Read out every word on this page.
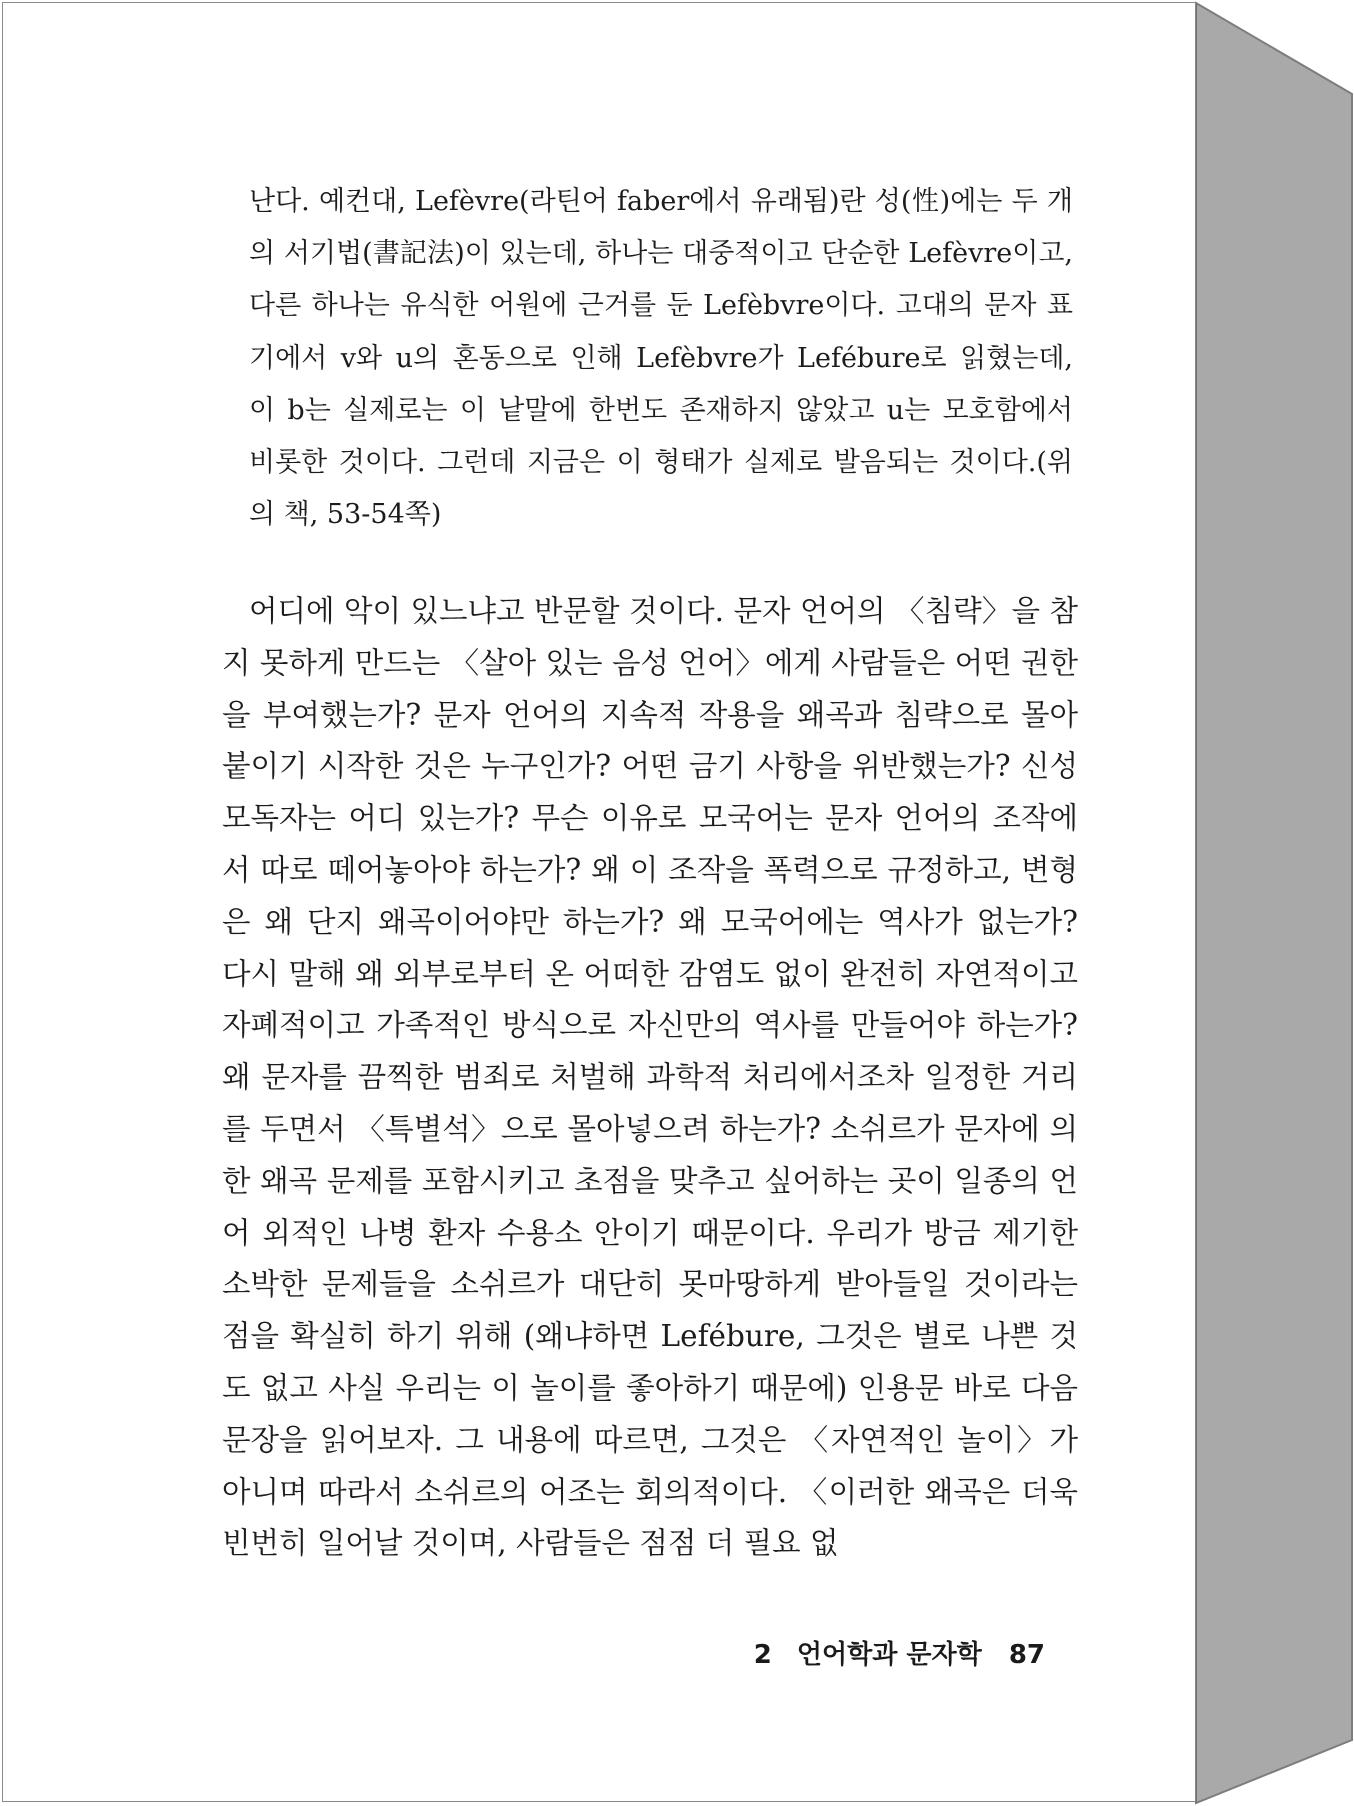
난다. 예컨대, Lefèvre(라틴어 faber에서 유래됨)란 성(性)에는 두 개의 서기법(書記法)이 있는데, 하나는 대중적이고 단순한 Lefèvre이고, 다른 하나는 유식한 어원에 근거를 둔 Lefèbvre이다. 고대의 문자 표기에서 v와 u의 혼동으로 인해 Lefèbvre가 Lefébure로 읽혔는데, 이 b는 실제로는 이 낱말에 한번도 존재하지 않았고 u는 모호함에서 비롯한 것이다. 그런데 지금은 이 형태가 실제로 발음되는 것이다.(위의 책, 53-54쪽)

어디에 악이 있느냐고 반문할 것이다. 문자 언어의 〈침략〉을 참지 못하게 만드는 〈살아 있는 음성 언어〉에게 사람들은 어떤 권한을 부여했는가? 문자 언어의 지속적 작용을 왜곡과 침략으로 몰아붙이기 시작한 것은 누구인가? 어떤 금기 사항을 위반했는가? 신성 모독자는 어디 있는가? 무슨 이유로 모국어는 문자 언어의 조작에서 따로 떼어놓아야 하는가? 왜 이 조작을 폭력으로 규정하고, 변형은 왜 단지 왜곡이어야만 하는가? 왜 모국어에는 역사가 없는가? 다시 말해 왜 외부로부터 온 어떠한 감염도 없이 완전히 자연적이고 자폐적이고 가족적인 방식으로 자신만의 역사를 만들어야 하는가? 왜 문자를 끔찍한 범죄로 처벌해 과학적 처리에서조차 일정한 거리를 두면서 〈특별석〉으로 몰아넣으려 하는가? 소쉬르가 문자에 의한 왜곡 문제를 포함시키고 초점을 맞추고 싶어하는 곳이 일종의 언어 외적인 나병 환자 수용소 안이기 때문이다. 우리가 방금 제기한 소박한 문제들을 소쉬르가 대단히 못마땅하게 받아들일 것이라는 점을 확실히 하기 위해 (왜냐하면 Lefébure, 그것은 별로 나쁜 것도 없고 사실 우리는 이 놀이를 좋아하기 때문에) 인용문 바로 다음 문장을 읽어보자. 그 내용에 따르면, 그것은 〈자연적인 놀이〉가 아니며 따라서 소쉬르의 어조는 회의적이다. 〈이러한 왜곡은 더욱 빈번히 일어날 것이며, 사람들은 점점 더 필요 없

2 언어학과 문자학 87
